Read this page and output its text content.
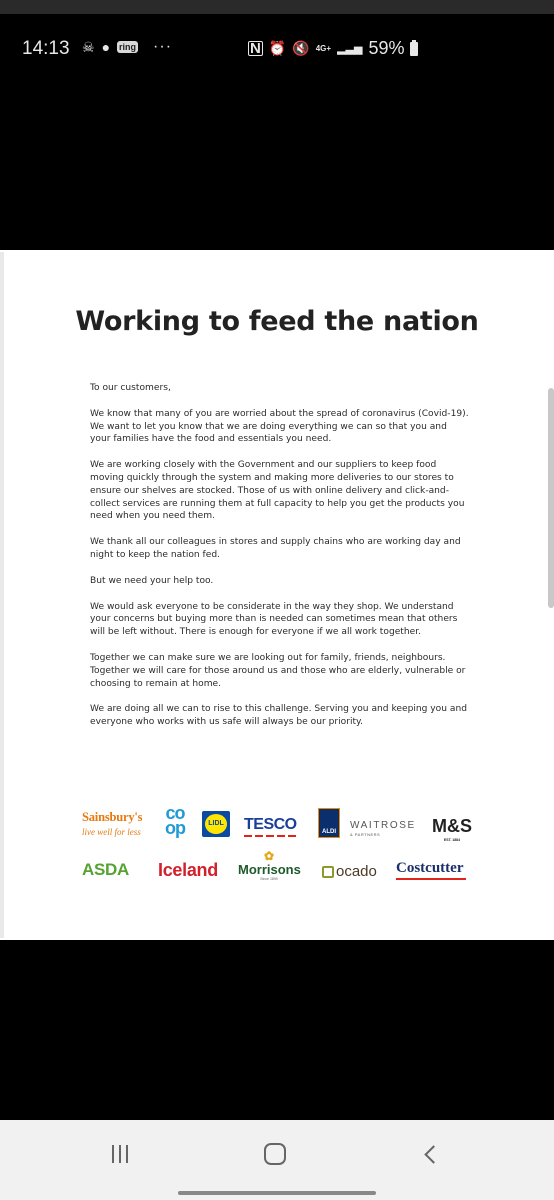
14:13 ☠ ● ring ···	N ⏰ 🔇 4G+ ▂▃▅ 59%
Working to feed the nation

To our customers,

We know that many of you are worried about the spread of coronavirus (Covid-19). We want to let you know that we are doing everything we can so that you and your families have the food and essentials you need.

We are working closely with the Government and our suppliers to keep food moving quickly through the system and making more deliveries to our stores to ensure our shelves are stocked. Those of us with online delivery and click-and-collect services are running them at full capacity to help you get the products you need when you need them.

We thank all our colleagues in stores and supply chains who are working day and night to keep the nation fed.

But we need your help too.

We would ask everyone to be considerate in the way they shop. We understand your concerns but buying more than is needed can sometimes mean that others will be left without. There is enough for everyone if we all work together.

Together we can make sure we are looking out for family, friends, neighbours. Together we will care for those around us and those who are elderly, vulnerable or choosing to remain at home.

We are doing all we can to rise to this challenge. Serving you and keeping you and everyone who works with us safe will always be our priority.

Sainsbury's
live well for less
co
op	LIDL TESCO	ALDI
WAITROSE
& PARTNERS	M&S
EST. 1884
ASDA Iceland
✿
Morrisons
Since 1899	ocado Costcutter
